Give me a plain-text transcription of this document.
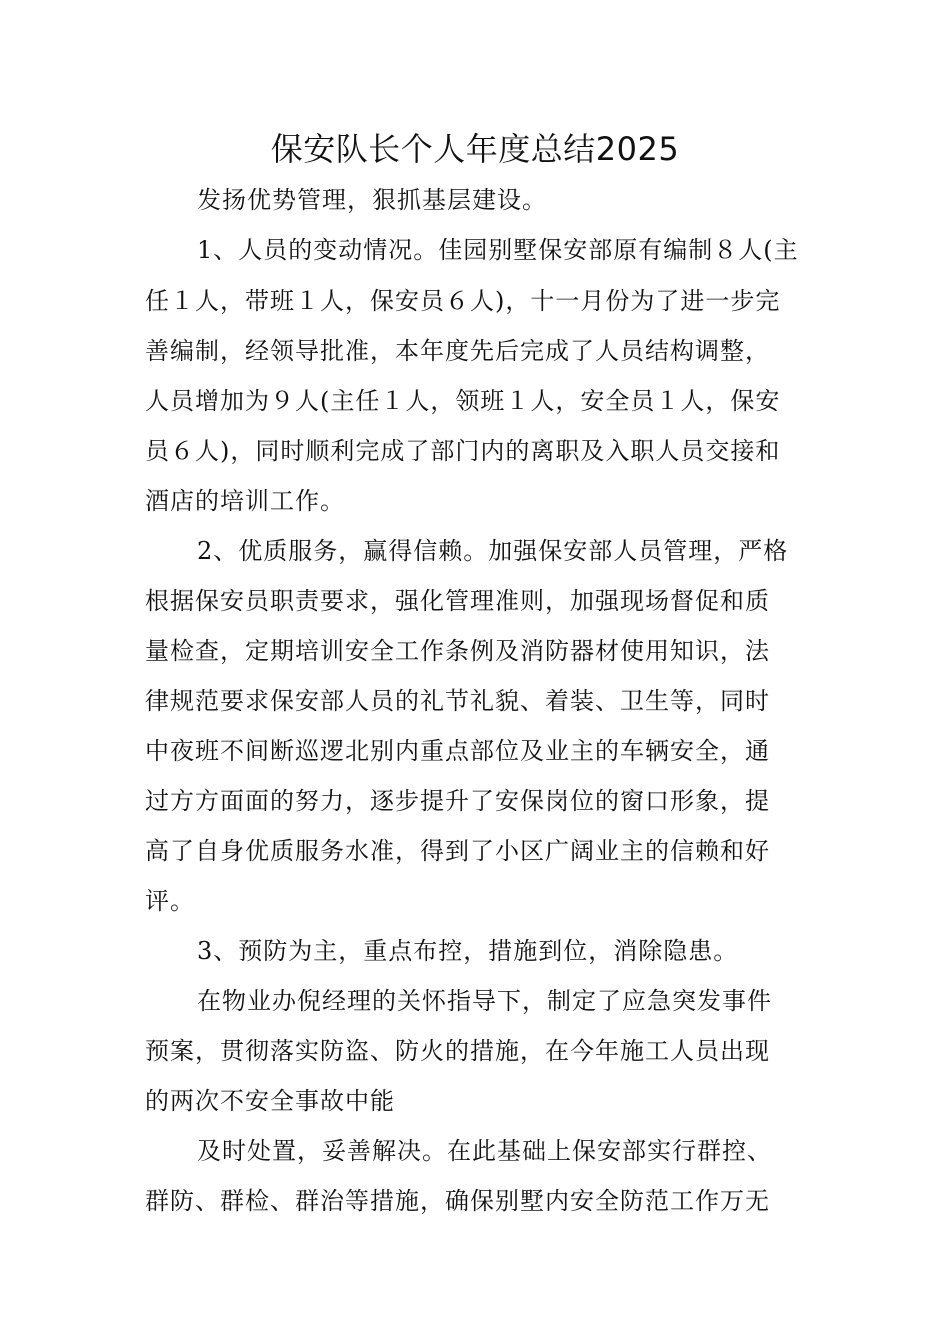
保安队长个人年度总结2025

发扬优势管理，狠抓基层建设。

1、人员的变动情况。佳园别墅保安部原有编制８人(主

任１人，带班１人，保安员６人)，十一月份为了进一步完

善编制，经领导批准，本年度先后完成了人员结构调整，

人员增加为９人(主任１人，领班１人，安全员１人，保安

员６人)，同时顺利完成了部门内的离职及入职人员交接和

酒店的培训工作。

2、优质服务，赢得信赖。加强保安部人员管理，严格

根据保安员职责要求，强化管理准则，加强现场督促和质

量检查，定期培训安全工作条例及消防器材使用知识，法

律规范要求保安部人员的礼节礼貌、着装、卫生等，同时

中夜班不间断巡逻北别内重点部位及业主的车辆安全，通

过方方面面的努力，逐步提升了安保岗位的窗口形象，提

高了自身优质服务水准，得到了小区广阔业主的信赖和好

评。

3、预防为主，重点布控，措施到位，消除隐患。

在物业办倪经理的关怀指导下，制定了应急突发事件

预案，贯彻落实防盗、防火的措施，在今年施工人员出现

的两次不安全事故中能

及时处置，妥善解决。在此基础上保安部实行群控、

群防、群检、群治等措施，确保别墅内安全防范工作万无
